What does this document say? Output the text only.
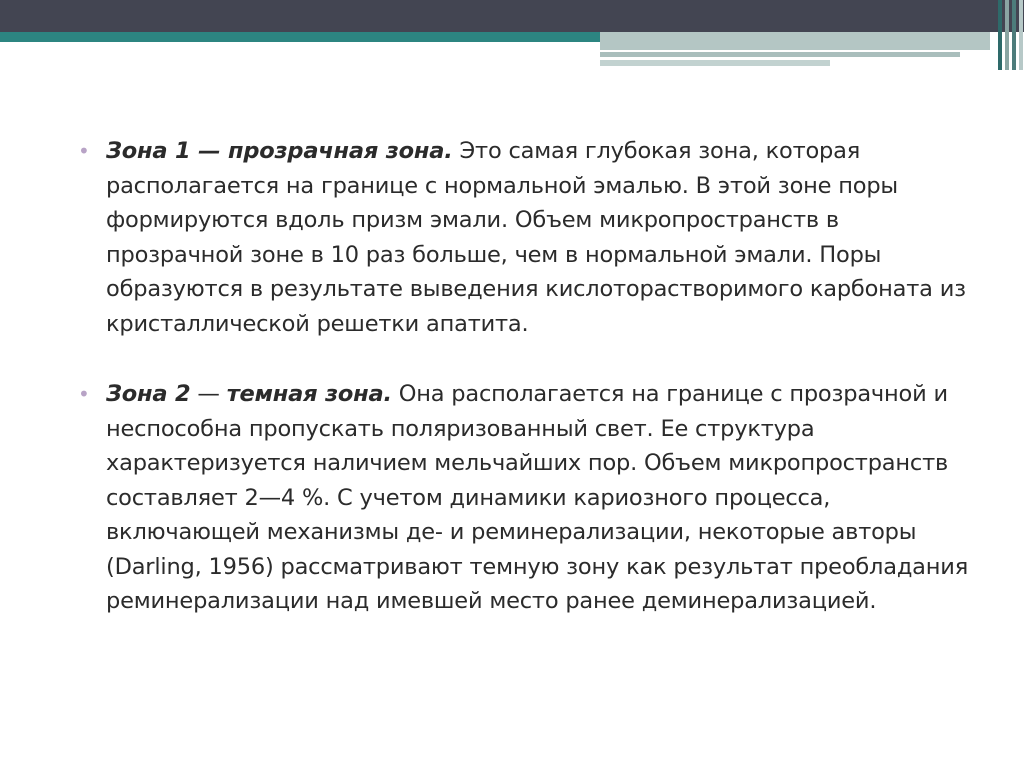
• Зона 1 — прозрачная зона. Это самая глубокая зона, которая располагается на границе с нормальной эмалью. В этой зоне поры формируются вдоль призм эмали. Объем микропространств в прозрачной зоне в 10 раз больше, чем в нормальной эмали. Поры образуются в результате выведения кислоторастворимого карбоната из кристаллической решетки апатита.
• Зона 2 — темная зона. Она располагается на границе с прозрачной и неспособна пропускать поляризованный свет. Ее структура характеризуется наличием мельчайших пор. Объем микропространств составляет 2—4 %. С учетом динамики кариозного процесса, включающей механизмы де- и реминерализации, некоторые авторы (Darling, 1956) рассматривают темную зону как результат преобладания реминерализации над имевшей место ранее деминерализацией.
